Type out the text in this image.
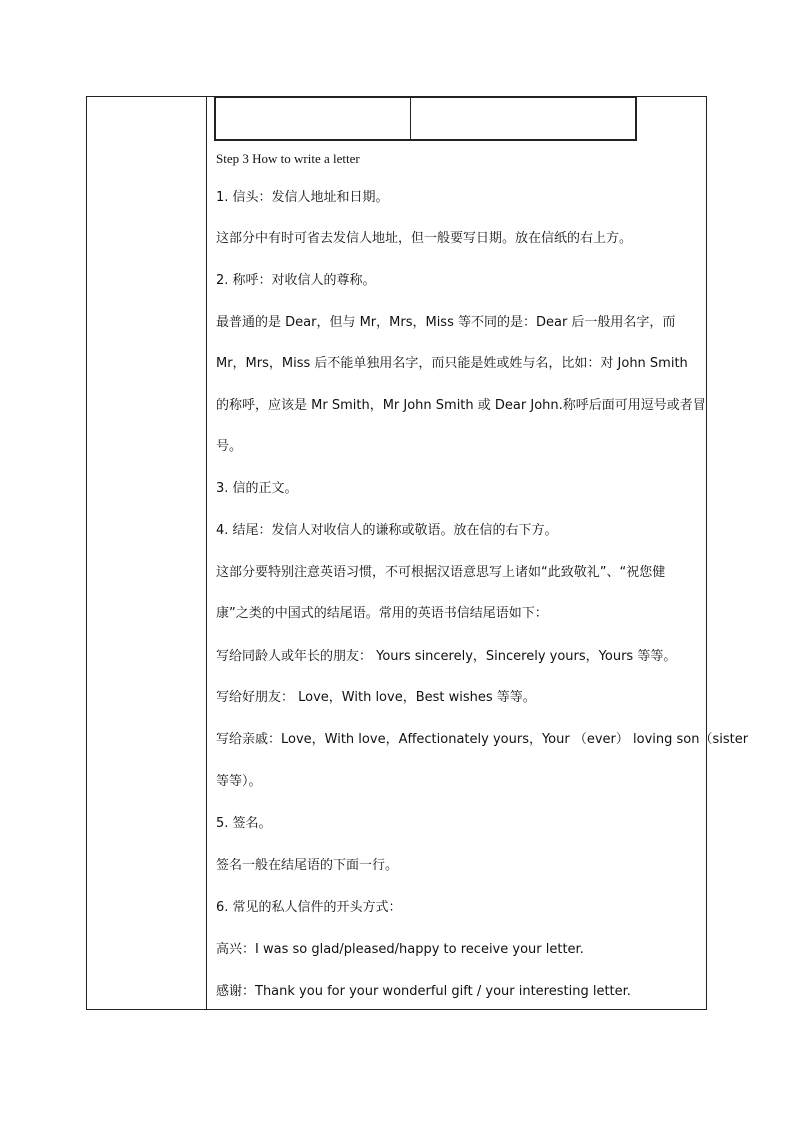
Step 3 How to write a letter
1. 信头：发信人地址和日期。
这部分中有时可省去发信人地址，但一般要写日期。放在信纸的右上方。
2. 称呼：对收信人的尊称。
最普通的是 Dear，但与 Mr，Mrs，Miss 等不同的是：Dear 后一般用名字，而
Mr，Mrs，Miss 后不能单独用名字，而只能是姓或姓与名，比如：对 John Smith
的称呼，应该是 Mr Smith，Mr John Smith 或 Dear John.称呼后面可用逗号或者冒
号。
3. 信的正文。
4. 结尾：发信人对收信人的谦称或敬语。放在信的右下方。
这部分要特别注意英语习惯，不可根据汉语意思写上诸如“此致敬礼”、“祝您健
康”之类的中国式的结尾语。常用的英语书信结尾语如下：
写给同龄人或年长的朋友： Yours sincerely，Sincerely yours，Yours 等等。
写给好朋友： Love，With love，Best wishes 等等。
写给亲戚：Love，With love，Affectionately yours，Your （ever） loving son（sister
等等）。
5. 签名。
签名一般在结尾语的下面一行。
6. 常见的私人信件的开头方式：
高兴：I was so glad/pleased/happy to receive your letter.
感谢：Thank you for your wonderful gift / your interesting letter.
